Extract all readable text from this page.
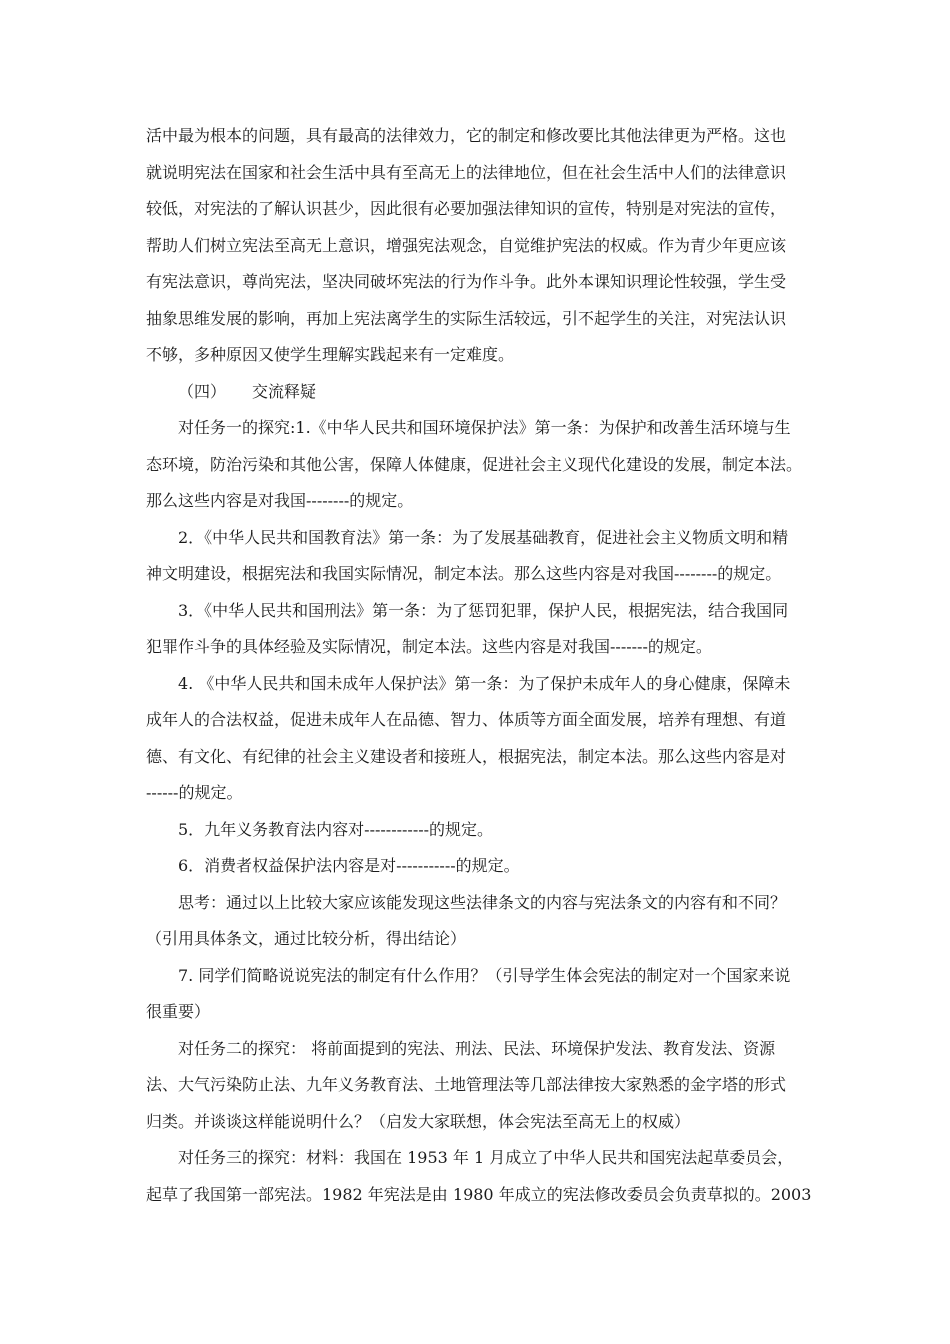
活中最为根本的问题，具有最高的法律效力，它的制定和修改要比其他法律更为严格。这也
就说明宪法在国家和社会生活中具有至高无上的法律地位，但在社会生活中人们的法律意识
较低，对宪法的了解认识甚少，因此很有必要加强法律知识的宣传，特别是对宪法的宣传，
帮助人们树立宪法至高无上意识，增强宪法观念，自觉维护宪法的权威。作为青少年更应该
有宪法意识，尊尚宪法，坚决同破坏宪法的行为作斗争。此外本课知识理论性较强，学生受
抽象思维发展的影响，再加上宪法离学生的实际生活较远，引不起学生的关注，对宪法认识
不够，多种原因又使学生理解实践起来有一定难度。
（四） 交流释疑
对任务一的探究:1.《中华人民共和国环境保护法》第一条：为保护和改善生活环境与生
态环境，防治污染和其他公害，保障人体健康，促进社会主义现代化建设的发展，制定本法。
那么这些内容是对我国--------的规定。
2．《中华人民共和国教育法》第一条：为了发展基础教育，促进社会主义物质文明和精
神文明建设，根据宪法和我国实际情况，制定本法。那么这些内容是对我国--------的规定。
3．《中华人民共和国刑法》第一条：为了惩罚犯罪，保护人民，根据宪法，结合我国同
犯罪作斗争的具体经验及实际情况，制定本法。这些内容是对我国-------的规定。
4. 《中华人民共和国未成年人保护法》第一条：为了保护未成年人的身心健康，保障未
成年人的合法权益，促进未成年人在品德、智力、体质等方面全面发展，培养有理想、有道
德、有文化、有纪律的社会主义建设者和接班人，根据宪法，制定本法。那么这些内容是对
------的规定。
5．九年义务教育法内容对------------的规定。
6．消费者权益保护法内容是对-----------的规定。
思考：通过以上比较大家应该能发现这些法律条文的内容与宪法条文的内容有和不同？
（引用具体条文，通过比较分析，得出结论）
7. 同学们简略说说宪法的制定有什么作用？（引导学生体会宪法的制定对一个国家来说
很重要）
对任务二的探究： 将前面提到的宪法、刑法、民法、环境保护发法、教育发法、资源
法、大气污染防止法、九年义务教育法、土地管理法等几部法律按大家熟悉的金字塔的形式
归类。并谈谈这样能说明什么？（启发大家联想，体会宪法至高无上的权威）
对任务三的探究：材料：我国在 1953 年 1 月成立了中华人民共和国宪法起草委员会，
起草了我国第一部宪法。1982 年宪法是由 1980 年成立的宪法修改委员会负责草拟的。2003
